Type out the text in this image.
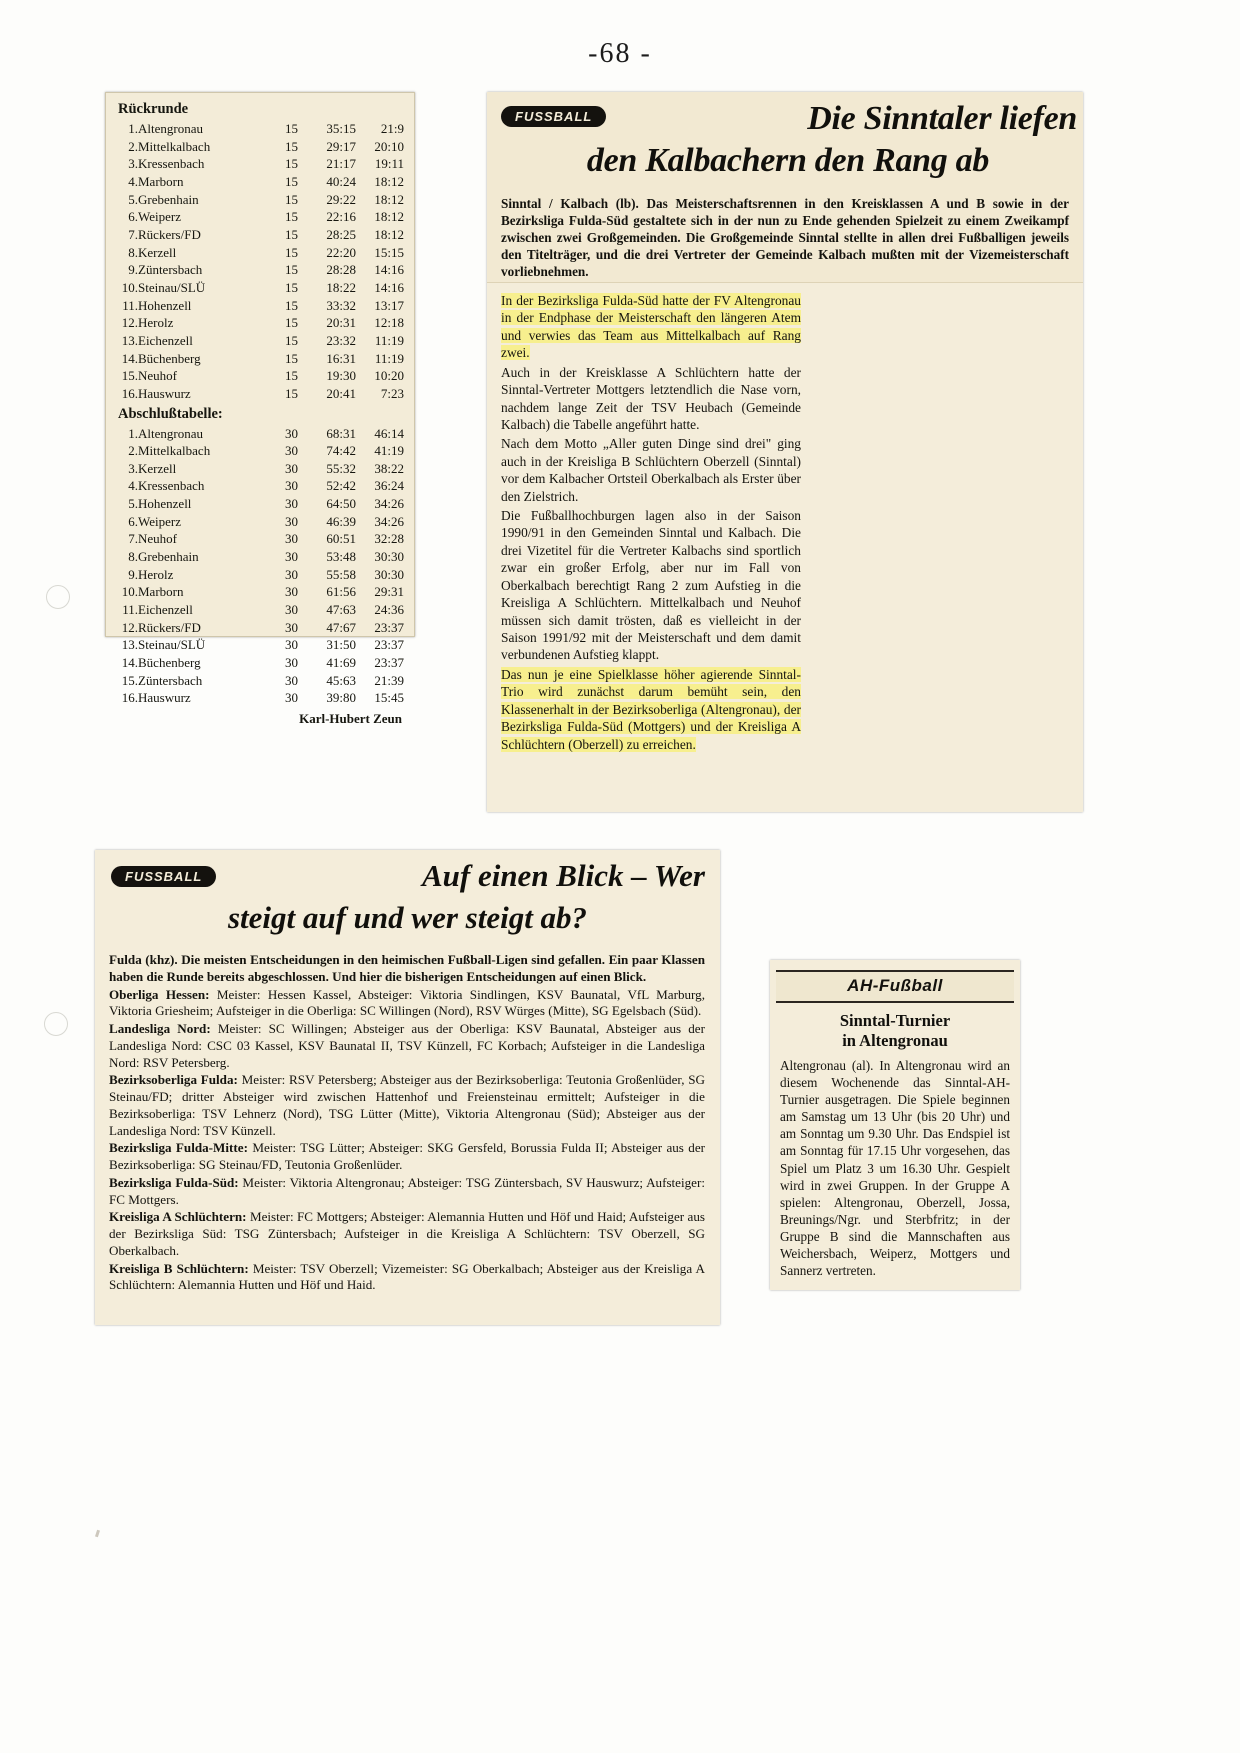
-68 -
Rückrunde
1.	Altengronau	15	35:15	21:9
2.	Mittelkalbach	15	29:17	20:10
3.	Kressenbach	15	21:17	19:11
4.	Marborn	15	40:24	18:12
5.	Grebenhain	15	29:22	18:12
6.	Weiperz	15	22:16	18:12
7.	Rückers/FD	15	28:25	18:12
8.	Kerzell	15	22:20	15:15
9.	Züntersbach	15	28:28	14:16
10.	Steinau/SLÜ	15	18:22	14:16
11.	Hohenzell	15	33:32	13:17
12.	Herolz	15	20:31	12:18
13.	Eichenzell	15	23:32	11:19
14.	Büchenberg	15	16:31	11:19
15.	Neuhof	15	19:30	10:20
16.	Hauswurz	15	20:41	7:23
Abschlußtabelle:
1.	Altengronau	30	68:31	46:14
2.	Mittelkalbach	30	74:42	41:19
3.	Kerzell	30	55:32	38:22
4.	Kressenbach	30	52:42	36:24
5.	Hohenzell	30	64:50	34:26
6.	Weiperz	30	46:39	34:26
7.	Neuhof	30	60:51	32:28
8.	Grebenhain	30	53:48	30:30
9.	Herolz	30	55:58	30:30
10.	Marborn	30	61:56	29:31
11.	Eichenzell	30	47:63	24:36
12.	Rückers/FD	30	47:67	23:37
13.	Steinau/SLÜ	30	31:50	23:37
14.	Büchenberg	30	41:69	23:37
15.	Züntersbach	30	45:63	21:39
16.	Hauswurz	30	39:80	15:45
Karl-Hubert Zeun
FUSSBALL	Die Sinntaler liefen
den Kalbachern den Rang ab
Sinntal / Kalbach (lb). Das Meisterschaftsrennen in den Kreisklassen A und B sowie in der Bezirksliga Fulda-Süd gestaltete sich in der nun zu Ende gehenden Spielzeit zu einem Zweikampf zwischen zwei Großgemeinden. Die Großgemeinde Sinntal stellte in allen drei Fußballigen jeweils den Titelträger, und die drei Vertreter der Gemeinde Kalbach mußten mit der Vizemeisterschaft vorliebnehmen.

In der Bezirksliga Fulda-Süd hatte der FV Altengronau in der Endphase der Meisterschaft den längeren Atem und verwies das Team aus Mittelkalbach auf Rang zwei.

Auch in der Kreisklasse A Schlüchtern hatte der Sinntal-Vertreter Mottgers letztendlich die Nase vorn, nachdem lange Zeit der TSV Heubach (Gemeinde Kalbach) die Tabelle angeführt hatte.

Nach dem Motto „Aller guten Dinge sind drei" ging auch in der Kreisliga B Schlüchtern Oberzell (Sinntal) vor dem Kalbacher Ortsteil Oberkalbach als Erster über den Zielstrich.

Die Fußballhochburgen lagen also in der Saison 1990/91 in den Gemeinden Sinntal und Kalbach. Die drei Vizetitel für die Vertreter Kalbachs sind sportlich zwar ein großer Erfolg, aber nur im Fall von Oberkalbach berechtigt Rang 2 zum Aufstieg in die Kreisliga A Schlüchtern. Mittelkalbach und Neuhof müssen sich damit trösten, daß es vielleicht in der Saison 1991/92 mit der Meisterschaft und dem damit verbundenen Aufstieg klappt.

Das nun je eine Spielklasse höher agierende Sinntal-Trio wird zunächst darum bemüht sein, den Klassenerhalt in der Bezirksoberliga (Altengronau), der Bezirksliga Fulda-Süd (Mottgers) und der Kreisliga A Schlüchtern (Oberzell) zu erreichen.

FUSSBALL	Auf einen Blick – Wer
steigt auf und wer steigt ab?

Fulda (khz). Die meisten Entscheidungen in den heimischen Fußball-Ligen sind gefallen. Ein paar Klassen haben die Runde bereits abgeschlossen. Und hier die bisherigen Entscheidungen auf einen Blick.

Oberliga Hessen: Meister: Hessen Kassel, Absteiger: Viktoria Sindlingen, KSV Baunatal, VfL Marburg, Viktoria Griesheim; Aufsteiger in die Oberliga: SC Willingen (Nord), RSV Würges (Mitte), SG Egelsbach (Süd).

Landesliga Nord: Meister: SC Willingen; Absteiger aus der Oberliga: KSV Baunatal, Absteiger aus der Landesliga Nord: CSC 03 Kassel, KSV Baunatal II, TSV Künzell, FC Korbach; Aufsteiger in die Landesliga Nord: RSV Petersberg.

Bezirksoberliga Fulda: Meister: RSV Petersberg; Absteiger aus der Bezirksoberliga: Teutonia Großenlüder, SG Steinau/FD; dritter Absteiger wird zwischen Hattenhof und Freiensteinau ermittelt; Aufsteiger in die Bezirksoberliga: TSV Lehnerz (Nord), TSG Lütter (Mitte), Viktoria Altengronau (Süd); Absteiger aus der Landesliga Nord: TSV Künzell.

Bezirksliga Fulda-Mitte: Meister: TSG Lütter; Absteiger: SKG Gersfeld, Borussia Fulda II; Absteiger aus der Bezirksoberliga: SG Steinau/FD, Teutonia Großenlüder.

Bezirksliga Fulda-Süd: Meister: Viktoria Altengronau; Absteiger: TSG Züntersbach, SV Hauswurz; Aufsteiger: FC Mottgers.

Kreisliga A Schlüchtern: Meister: FC Mottgers; Absteiger: Alemannia Hutten und Höf und Haid; Aufsteiger aus der Bezirksliga Süd: TSG Züntersbach; Aufsteiger in die Kreisliga A Schlüchtern: TSV Oberzell, SG Oberkalbach.

Kreisliga B Schlüchtern: Meister: TSV Oberzell; Vizemeister: SG Oberkalbach; Absteiger aus der Kreisliga A Schlüchtern: Alemannia Hutten und Höf und Haid.

AH-Fußball
Sinntal-Turnier
in Altengronau
Altengronau (al). In Altengronau wird an diesem Wochenende das Sinntal-AH-Turnier ausgetragen. Die Spiele beginnen am Samstag um 13 Uhr (bis 20 Uhr) und am Sonntag um 9.30 Uhr. Das Endspiel ist am Sonntag für 17.15 Uhr vorgesehen, das Spiel um Platz 3 um 16.30 Uhr. Gespielt wird in zwei Gruppen. In der Gruppe A spielen: Altengronau, Oberzell, Jossa, Breunings/Ngr. und Sterbfritz; in der Gruppe B sind die Mannschaften aus Weichersbach, Weiperz, Mottgers und Sannerz vertreten.
